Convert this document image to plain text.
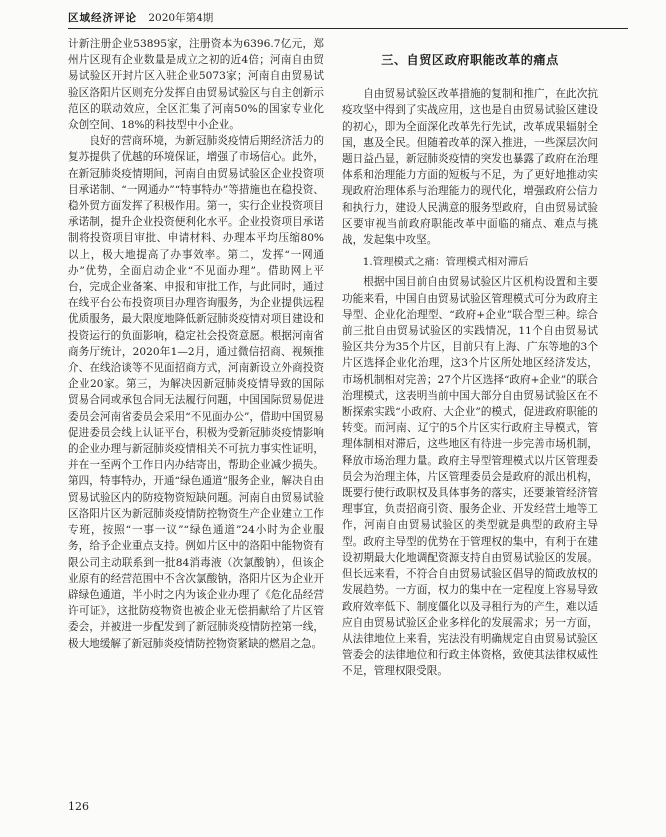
区域经济评论 2020年第4期

计新注册企业53895家，注册资本为6396.7亿元，郑州片区现有企业数量是成立之初的近4倍；河南自由贸易试验区开封片区入驻企业5073家；河南自由贸易试验区洛阳片区则充分发挥自由贸易试验区与自主创新示范区的联动效应，全区汇集了河南50%的国家专业化众创空间、18%的科技型中小企业。

良好的营商环境，为新冠肺炎疫情后期经济活力的复苏提供了优越的环境保证，增强了市场信心。此外，在新冠肺炎疫情期间，河南自由贸易试验区企业投资项目承诺制、“一网通办”“特事特办”等措施也在稳投资、稳外贸方面发挥了积极作用。第一，实行企业投资项目承诺制，提升企业投资便利化水平。企业投资项目承诺制将投资项目审批、申请材料、办理本平均压缩80%以上，极大地提高了办事效率。第二，发挥“一网通办”优势，全面启动企业“不见面办理”。借助网上平台，完成企业备案、申报和审批工作，与此同时，通过在线平台公布投资项目办理咨询服务，为企业提供远程优质服务，最大限度地降低新冠肺炎疫情对项目建设和投资运行的负面影响，稳定社会投资意愿。根据河南省商务厅统计，2020年1—2月，通过微信招商、视频推介、在线洽谈等不见面招商方式，河南新设立外商投资企业20家。第三，为解决因新冠肺炎疫情导致的国际贸易合同或承包合同无法履行问题，中国国际贸易促进委员会河南省委员会采用“不见面办公”，借助中国贸易促进委员会线上认证平台，积极为受新冠肺炎疫情影响的企业办理与新冠肺炎疫情相关不可抗力事实性证明，并在一至两个工作日内办结寄出，帮助企业减少损失。第四，特事特办，开通“绿色通道”服务企业，解决自由贸易试验区内的防疫物资短缺问题。河南自由贸易试验区洛阳片区为新冠肺炎疫情防控物资生产企业建立工作专班，按照“一事一议”“绿色通道”24小时为企业服务，给予企业重点支持。例如片区中的洛阳中能物资有限公司主动联系到一批84消毒液（次氯酸钠），但该企业原有的经营范围中不含次氯酸钠，洛阳片区为企业开辟绿色通道，半小时之内为该企业办理了《危化品经营许可证》，这批防疫物资也被企业无偿捐献给了片区管委会，并被进一步配发到了新冠肺炎疫情防控第一线，极大地缓解了新冠肺炎疫情防控物资紧缺的燃眉之急。

三、自贸区政府职能改革的痛点

自由贸易试验区改革措施的复制和推广，在此次抗疫攻坚中得到了实战应用，这也是自由贸易试验区建设的初心，即为全面深化改革先行先试，改革成果辐射全国，惠及全民。但随着改革的深入推进，一些深层次问题日益凸显，新冠肺炎疫情的突发也暴露了政府在治理体系和治理能力方面的短板与不足，为了更好地推动实现政府治理体系与治理能力的现代化，增强政府公信力和执行力，建设人民满意的服务型政府，自由贸易试验区要审视当前政府职能改革中面临的痛点、难点与挑战，发起集中攻坚。

1.管理模式之痛：管理模式相对滞后

根据中国目前自由贸易试验区片区机构设置和主要功能来看，中国自由贸易试验区管理模式可分为政府主导型、企业化治理型、“政府+企业”联合型三种。综合前三批自由贸易试验区的实践情况，11个自由贸易试验区共分为35个片区，目前只有上海、广东等地的3个片区选择企业化治理，这3个片区所处地区经济发达，市场机制相对完善；27个片区选择“政府+企业”的联合治理模式，这表明当前中国大部分自由贸易试验区在不断探索实践“小政府、大企业”的模式，促进政府职能的转变。而河南、辽宁的5个片区实行政府主导模式，管理体制相对滞后，这些地区有待进一步完善市场机制，释放市场治理力量。政府主导型管理模式以片区管理委员会为治理主体，片区管理委员会是政府的派出机构，既要行使行政职权及具体事务的落实，还要兼管经济管理事宜，负责招商引资、服务企业、开发经营土地等工作，河南自由贸易试验区的类型就是典型的政府主导型。政府主导型的优势在于管理权的集中，有利于在建设初期最大化地调配资源支持自由贸易试验区的发展。但长远来看，不符合自由贸易试验区倡导的简政放权的发展趋势。一方面，权力的集中在一定程度上容易导致政府效率低下、制度僵化以及寻租行为的产生，难以适应自由贸易试验区企业多样化的发展需求；另一方面，从法律地位上来看，宪法没有明确规定自由贸易试验区管委会的法律地位和行政主体资格，致使其法律权威性不足，管理权限受限。

126
